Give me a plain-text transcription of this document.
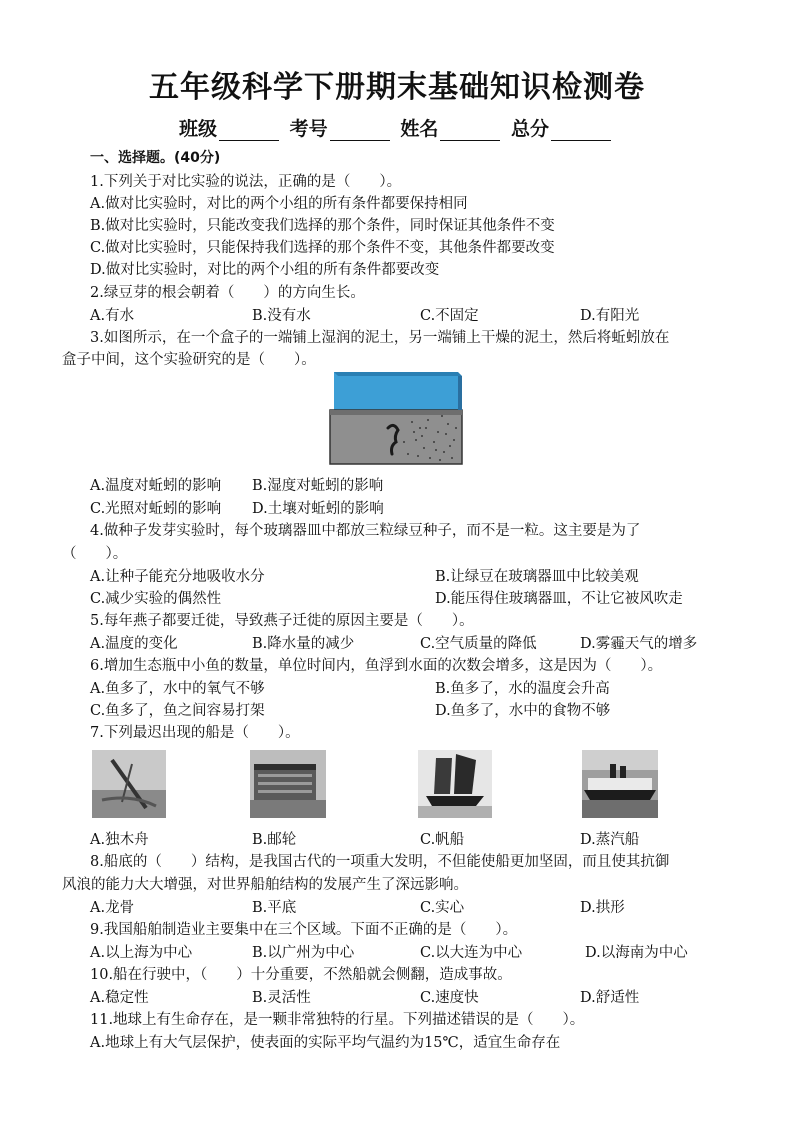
五年级科学下册期末基础知识检测卷
班级	考号	姓名	总分
一、选择题。(40分)
1.下列关于对比实验的说法，正确的是（　　）。
A.做对比实验时，对比的两个小组的所有条件都要保持相同
B.做对比实验时，只能改变我们选择的那个条件，同时保证其他条件不变
C.做对比实验时，只能保持我们选择的那个条件不变，其他条件都要改变
D.做对比实验时，对比的两个小组的所有条件都要改变
2.绿豆芽的根会朝着（　　）的方向生长。
A.有水	B.没有水	C.不固定	D.有阳光
3.如图所示，在一个盒子的一端铺上湿润的泥土，另一端铺上干燥的泥土，然后将蚯蚓放在
盒子中间，这个实验研究的是（　　）。
A.温度对蚯蚓的影响 B.湿度对蚯蚓的影响
C.光照对蚯蚓的影响 D.土壤对蚯蚓的影响
4.做种子发芽实验时，每个玻璃器皿中都放三粒绿豆种子，而不是一粒。这主要是为了
（　　）。
A.让种子能充分地吸收水分	B.让绿豆在玻璃器皿中比较美观
C.减少实验的偶然性	D.能压得住玻璃器皿，不让它被风吹走
5.每年燕子都要迁徙，导致燕子迁徙的原因主要是（　　）。
A.温度的变化	B.降水量的减少	C.空气质量的降低	D.雾霾天气的增多
6.增加生态瓶中小鱼的数量，单位时间内，鱼浮到水面的次数会增多，这是因为（　　）。
A.鱼多了，水中的氧气不够	B.鱼多了，水的温度会升高
C.鱼多了，鱼之间容易打架	D.鱼多了，水中的食物不够
7.下列最迟出现的船是（　　）。
A.独木舟	B.邮轮	C.帆船	D.蒸汽船
8.船底的（　　）结构，是我国古代的一项重大发明，不但能使船更加坚固，而且使其抗御
风浪的能力大大增强，对世界船舶结构的发展产生了深远影响。
A.龙骨	B.平底	C.实心	D.拱形
9.我国船舶制造业主要集中在三个区域。下面不正确的是（　　）。
A.以上海为中心	B.以广州为中心	C.以大连为中心	D.以海南为中心
10.船在行驶中，（　　）十分重要，不然船就会侧翻，造成事故。
A.稳定性	B.灵活性	C.速度快	D.舒适性
11.地球上有生命存在，是一颗非常独特的行星。下列描述错误的是（　　）。
A.地球上有大气层保护，使表面的实际平均气温约为15℃，适宜生命存在
